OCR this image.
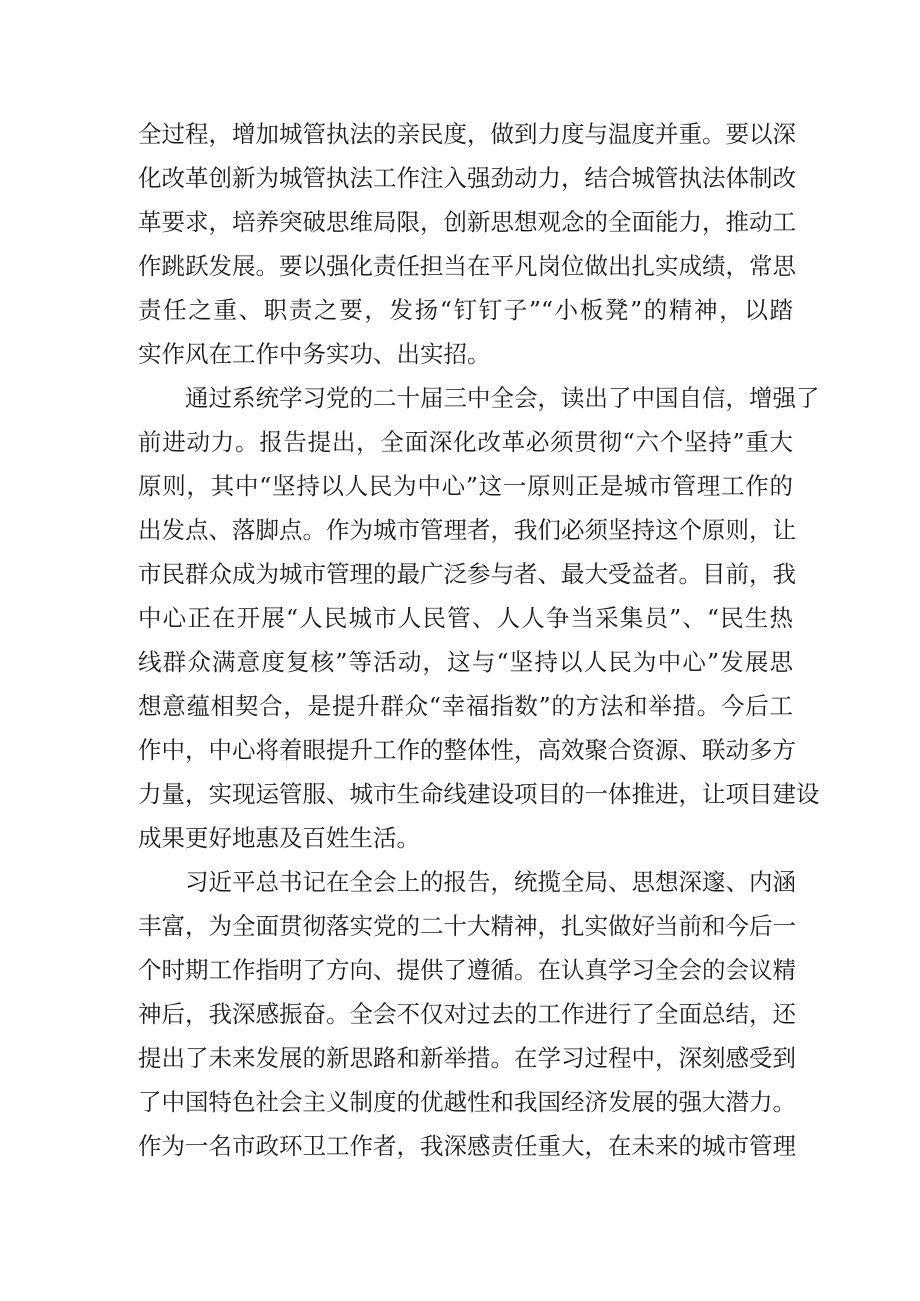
全过程，增加城管执法的亲民度，做到力度与温度并重。要以深
化改革创新为城管执法工作注入强劲动力，结合城管执法体制改
革要求，培养突破思维局限，创新思想观念的全面能力，推动工
作跳跃发展。要以强化责任担当在平凡岗位做出扎实成绩，常思
责任之重、职责之要，发扬“钉钉子”“小板凳”的精神，以踏
实作风在工作中务实功、出实招。
通过系统学习党的二十届三中全会，读出了中国自信，增强了
前进动力。报告提出，全面深化改革必须贯彻“六个坚持”重大
原则，其中“坚持以人民为中心”这一原则正是城市管理工作的
出发点、落脚点。作为城市管理者，我们必须坚持这个原则，让
市民群众成为城市管理的最广泛参与者、最大受益者。目前，我
中心正在开展“人民城市人民管、人人争当采集员”、“民生热
线群众满意度复核”等活动，这与“坚持以人民为中心”发展思
想意蕴相契合，是提升群众“幸福指数”的方法和举措。今后工
作中，中心将着眼提升工作的整体性，高效聚合资源、联动多方
力量，实现运管服、城市生命线建设项目的一体推进，让项目建设
成果更好地惠及百姓生活。
习近平总书记在全会上的报告，统揽全局、思想深邃、内涵
丰富，为全面贯彻落实党的二十大精神，扎实做好当前和今后一
个时期工作指明了方向、提供了遵循。在认真学习全会的会议精
神后，我深感振奋。全会不仅对过去的工作进行了全面总结，还
提出了未来发展的新思路和新举措。在学习过程中，深刻感受到
了中国特色社会主义制度的优越性和我国经济发展的强大潜力。
作为一名市政环卫工作者，我深感责任重大，在未来的城市管理
